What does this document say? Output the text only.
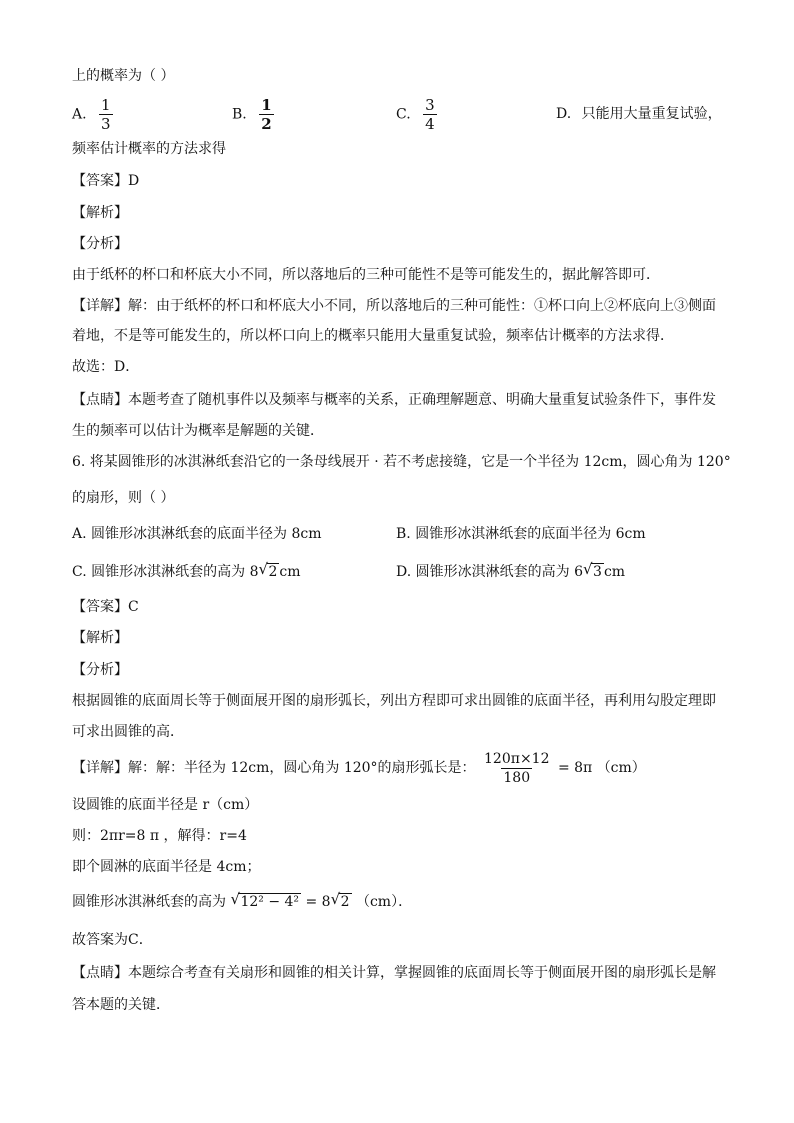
上的概率为（ ）
A. $\frac{1}{3}$	B. $\frac{1}{2}$	C. $\frac{3}{4}$	D. 只能用大量重复试验，
频率估计概率的方法求得
【答案】D
【解析】
【分析】
由于纸杯的杯口和杯底大小不同，所以落地后的三种可能性不是等可能发生的，据此解答即可．
【详解】解：由于纸杯的杯口和杯底大小不同，所以落地后的三种可能性：①杯口向上②杯底向上③侧面
着地，不是等可能发生的，所以杯口向上的概率只能用大量重复试验，频率估计概率的方法求得．
故选：D．
【点睛】本题考查了随机事件以及频率与概率的关系，正确理解题意、明确大量重复试验条件下，事件发
生的频率可以估计为概率是解题的关键．
6. 将某圆锥形的冰淇淋纸套沿它的一条母线展开 · 若不考虑接缝，它是一个半径为 12cm，圆心角为 120°
的扇形，则（ ）
A. 圆锥形冰淇淋纸套的底面半径为 8cm	B. 圆锥形冰淇淋纸套的底面半径为 6cm
C. 圆锥形冰淇淋纸套的高为 8 √ 2 cm	D. 圆锥形冰淇淋纸套的高为 6 √ 3 cm
【答案】C
【解析】
【分析】
根据圆锥的底面周长等于侧面展开图的扇形弧长，列出方程即可求出圆锥的底面半径，再利用勾股定理即
可求出圆锥的高．
【详解】解：解：半径为 12cm，圆心角为 120°的扇形弧长是： $\frac{120\pi\times 12}{180} = 8\pi$ （cm）
设圆锥的底面半径是 r（cm）
则：2πr=8 π ，解得：r=4
即个圆淋的底面半径是 4cm；
圆锥形冰淇淋纸套的高为 √ 12² − 4² = 8 √ 2 （cm）．
故答案为C．
【点睛】本题综合考查有关扇形和圆锥的相关计算，掌握圆锥的底面周长等于侧面展开图的扇形弧长是解
答本题的关键．
